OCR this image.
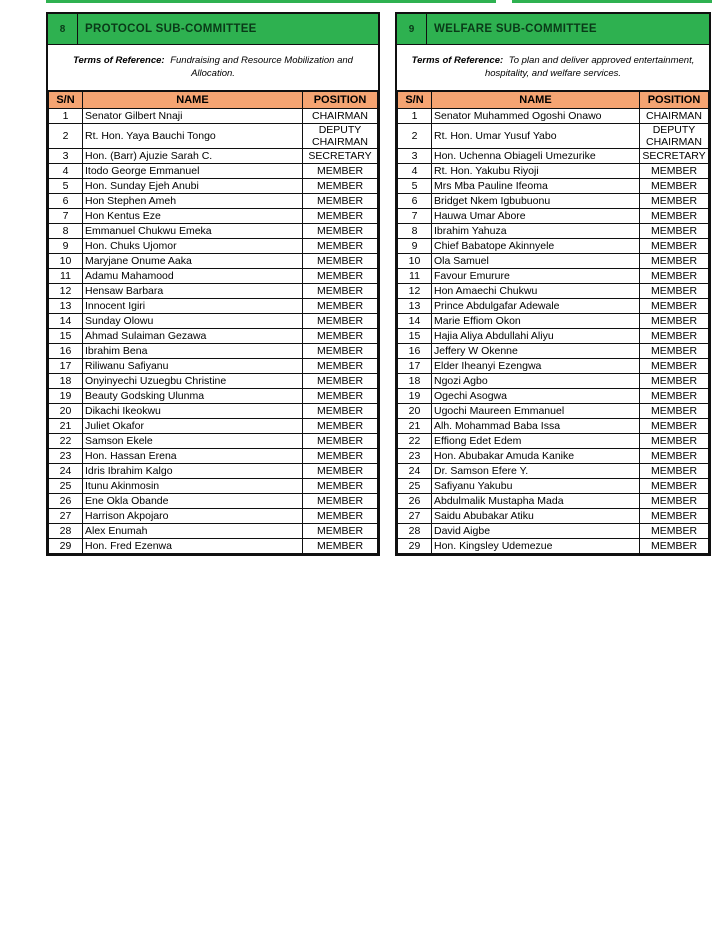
8	PROTOCOL SUB-COMMITTEE
Terms of Reference: Fundraising and Resource Mobilization and Allocation.
S/N	NAME	POSITION
1	Senator Gilbert Nnaji	CHAIRMAN
2	Rt. Hon. Yaya Bauchi Tongo	DEPUTY CHAIRMAN
3	Hon. (Barr) Ajuzie Sarah C.	SECRETARY
4	Itodo George Emmanuel	MEMBER
5	Hon. Sunday Ejeh Anubi	MEMBER
6	Hon Stephen Ameh	MEMBER
7	Hon Kentus Eze	MEMBER
8	Emmanuel Chukwu Emeka	MEMBER
9	Hon. Chuks Ujomor	MEMBER
10	Maryjane Onume Aaka	MEMBER
11	Adamu Mahamood	MEMBER
12	Hensaw Barbara	MEMBER
13	Innocent Igiri	MEMBER
14	Sunday Olowu	MEMBER
15	Ahmad Sulaiman Gezawa	MEMBER
16	Ibrahim Bena	MEMBER
17	Riliwanu Safiyanu	MEMBER
18	Onyinyechi Uzuegbu Christine	MEMBER
19	Beauty Godsking Ulunma	MEMBER
20	Dikachi Ikeokwu	MEMBER
21	Juliet Okafor	MEMBER
22	Samson Ekele	MEMBER
23	Hon. Hassan Erena	MEMBER
24	Idris Ibrahim Kalgo	MEMBER
25	Itunu Akinmosin	MEMBER
26	Ene Okla Obande	MEMBER
27	Harrison Akpojaro	MEMBER
28	Alex Enumah	MEMBER
29	Hon. Fred Ezenwa	MEMBER
9	WELFARE SUB-COMMITTEE
Terms of Reference: To plan and deliver approved entertainment, hospitality, and welfare services.
S/N	NAME	POSITION
1	Senator Muhammed Ogoshi Onawo	CHAIRMAN
2	Rt. Hon. Umar Yusuf Yabo	DEPUTY CHAIRMAN
3	Hon. Uchenna Obiageli Umezurike	SECRETARY
4	Rt. Hon. Yakubu Riyoji	MEMBER
5	Mrs Mba Pauline Ifeoma	MEMBER
6	Bridget Nkem Igbubuonu	MEMBER
7	Hauwa Umar Abore	MEMBER
8	Ibrahim Yahuza	MEMBER
9	Chief Babatope Akinnyele	MEMBER
10	Ola Samuel	MEMBER
11	Favour Emurure	MEMBER
12	Hon Amaechi Chukwu	MEMBER
13	Prince Abdulgafar Adewale	MEMBER
14	Marie Effiom Okon	MEMBER
15	Hajia Aliya Abdullahi Aliyu	MEMBER
16	Jeffery W Okenne	MEMBER
17	Elder Iheanyi Ezengwa	MEMBER
18	Ngozi Agbo	MEMBER
19	Ogechi Asogwa	MEMBER
20	Ugochi Maureen Emmanuel	MEMBER
21	Alh. Mohammad Baba Issa	MEMBER
22	Effiong Edet Edem	MEMBER
23	Hon. Abubakar Amuda Kanike	MEMBER
24	Dr. Samson Efere Y.	MEMBER
25	Safiyanu Yakubu	MEMBER
26	Abdulmalik Mustapha Mada	MEMBER
27	Saidu Abubakar Atiku	MEMBER
28	David Aigbe	MEMBER
29	Hon. Kingsley Udemezue	MEMBER
